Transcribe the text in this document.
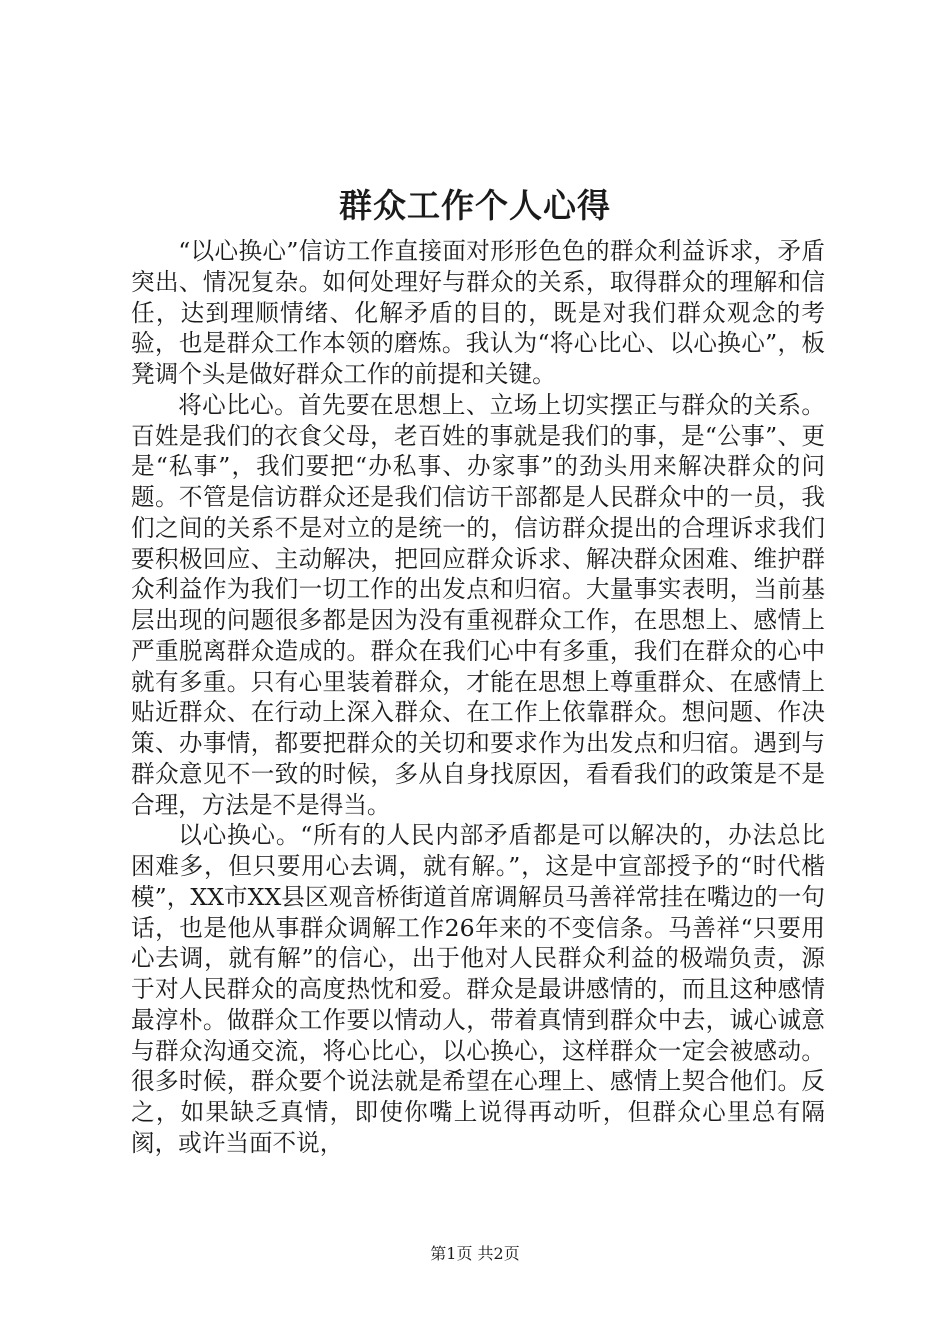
群众工作个人心得

“以心换心”信访工作直接面对形形色色的群众利益诉求，矛盾突出、情况复杂。如何处理好与群众的关系，取得群众的理解和信任，达到理顺情绪、化解矛盾的目的，既是对我们群众观念的考验，也是群众工作本领的磨炼。我认为“将心比心、以心换心”，板凳调个头是做好群众工作的前提和关键。

将心比心。首先要在思想上、立场上切实摆正与群众的关系。百姓是我们的衣食父母，老百姓的事就是我们的事，是“公事”、更是“私事”，我们要把“办私事、办家事”的劲头用来解决群众的问题。不管是信访群众还是我们信访干部都是人民群众中的一员，我们之间的关系不是对立的是统一的，信访群众提出的合理诉求我们要积极回应、主动解决，把回应群众诉求、解决群众困难、维护群众利益作为我们一切工作的出发点和归宿。大量事实表明，当前基层出现的问题很多都是因为没有重视群众工作，在思想上、感情上严重脱离群众造成的。群众在我们心中有多重，我们在群众的心中就有多重。只有心里装着群众，才能在思想上尊重群众、在感情上贴近群众、在行动上深入群众、在工作上依靠群众。想问题、作决策、办事情，都要把群众的关切和要求作为出发点和归宿。遇到与群众意见不一致的时候，多从自身找原因，看看我们的政策是不是合理，方法是不是得当。

以心换心。“所有的人民内部矛盾都是可以解决的，办法总比困难多，但只要用心去调，就有解。”，这是中宣部授予的“时代楷模”，XX市XX县区观音桥街道首席调解员马善祥常挂在嘴边的一句话，也是他从事群众调解工作26年来的不变信条。马善祥“只要用心去调，就有解”的信心，出于他对人民群众利益的极端负责，源于对人民群众的高度热忱和爱。群众是最讲感情的，而且这种感情最淳朴。做群众工作要以情动人，带着真情到群众中去，诚心诚意与群众沟通交流，将心比心，以心换心，这样群众一定会被感动。很多时候，群众要个说法就是希望在心理上、感情上契合他们。反之，如果缺乏真情，即使你嘴上说得再动听，但群众心里总有隔阂，或许当面不说，

第1页 共2页
